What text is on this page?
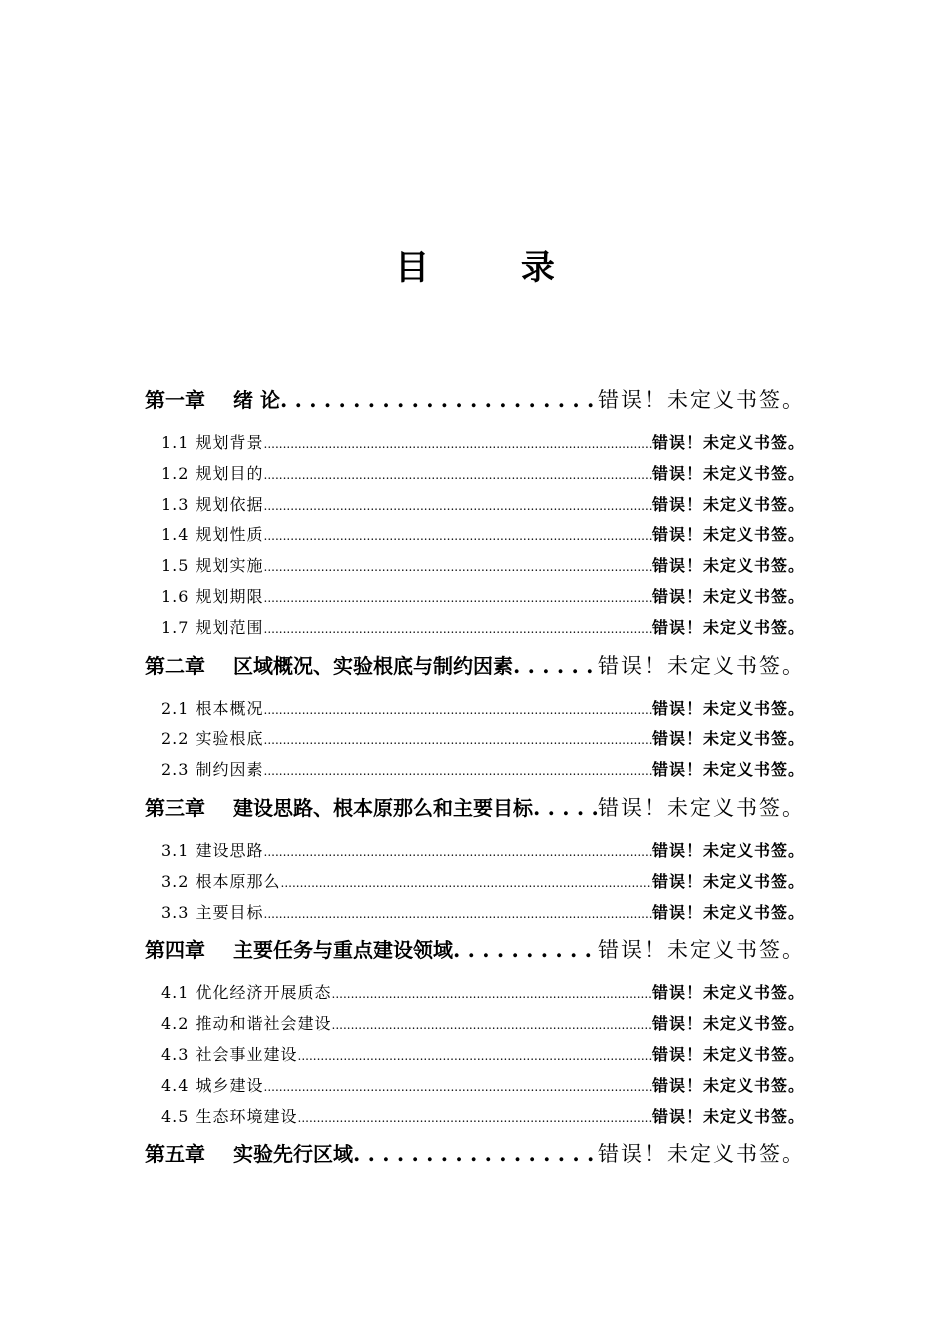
目 录
第一章 绪 论 . . .	错误！未定义书签。
1.1 规划背景 .....	错误！未定义书签。
1.2 规划目的 .....	错误！未定义书签。
1.3 规划依据 .....	错误！未定义书签。
1.4 规划性质 .....	错误！未定义书签。
1.5 规划实施 .....	错误！未定义书签。
1.6 规划期限 .....	错误！未定义书签。
1.7 规划范围 .....	错误！未定义书签。
第二章 区域概况、实验根底与制约因素 . . .	错误！未定义书签。
2.1 根本概况 .....	错误！未定义书签。
2.2 实验根底 .....	错误！未定义书签。
2.3 制约因素 .....	错误！未定义书签。
第三章 建设思路、根本原那么和主要目标 . . .	错误！未定义书签。
3.1 建设思路 .....	错误！未定义书签。
3.2 根本原那么 .....	错误！未定义书签。
3.3 主要目标 .....	错误！未定义书签。
第四章 主要任务与重点建设领域 . . .	错误！未定义书签。
4.1 优化经济开展质态 .....	错误！未定义书签。
4.2 推动和谐社会建设 .....	错误！未定义书签。
4.3 社会事业建设 .....	错误！未定义书签。
4.4 城乡建设 .....	错误！未定义书签。
4.5 生态环境建设 .....	错误！未定义书签。
第五章 实验先行区域 . . .	错误！未定义书签。
